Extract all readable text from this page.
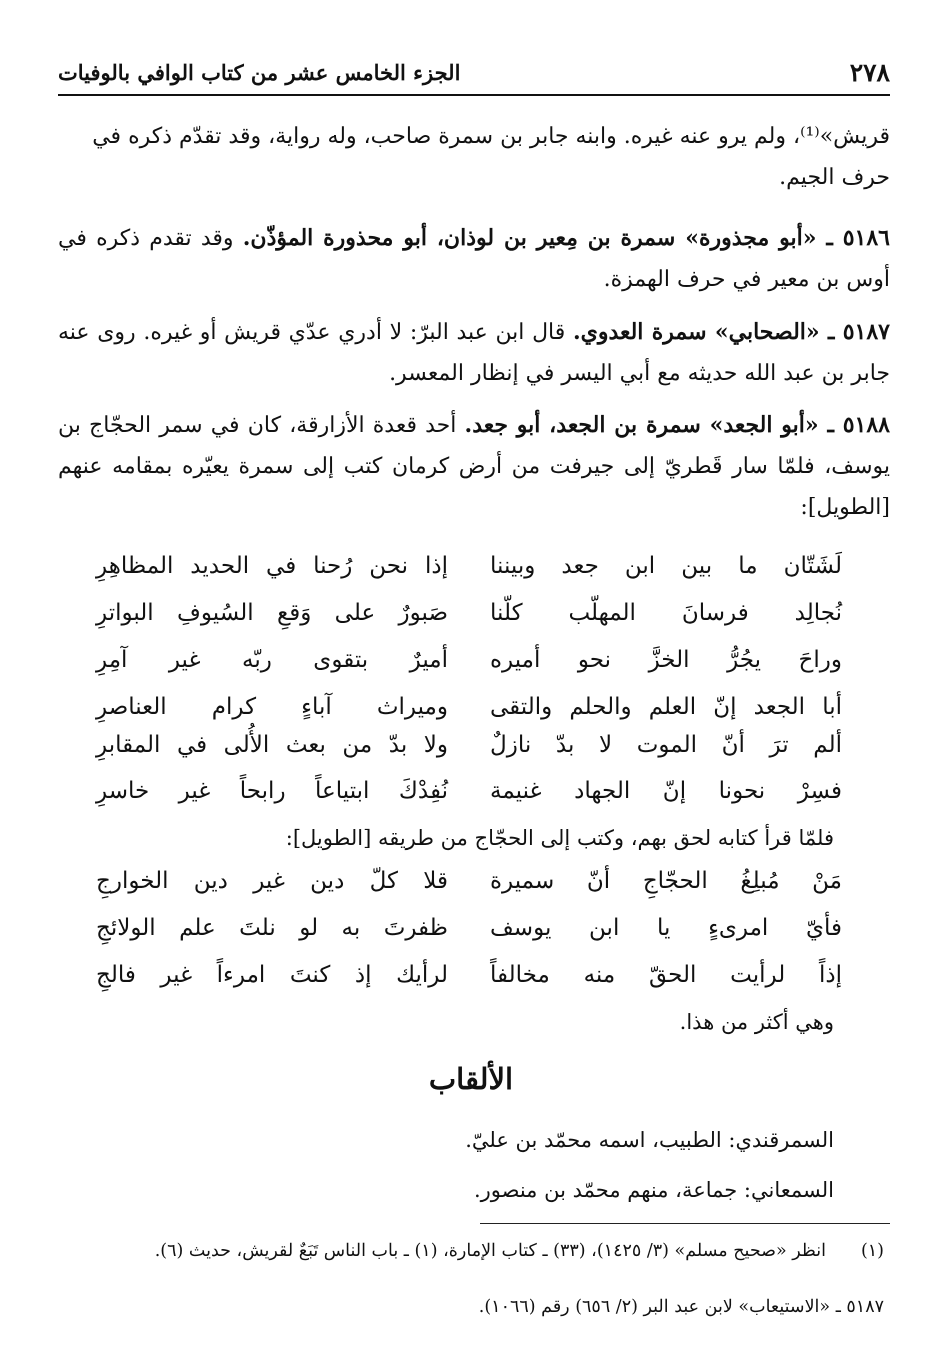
٢٧٨
الجزء الخامس عشر من كتاب الوافي بالوفيات
قريش»⁽¹⁾، ولم يرو عنه غيره. وابنه جابر بن سمرة صاحب، وله رواية، وقد تقدّم ذكره في
حرف الجيم.
٥١٨٦ ـ «أبو مجذورة» سمرة بن مِعير بن لوذان، أبو محذورة المؤذّن. وقد تقدم ذكره في أوس بن معير في حرف الهمزة.
٥١٨٧ ـ «الصحابي» سمرة العدوي. قال ابن عبد البرّ: لا أدري عدّي قريش أو غيره. روى عنه جابر بن عبد الله حديثه مع أبي اليسر في إنظار المعسر.
٥١٨٨ ـ «أبو الجعد» سمرة بن الجعد، أبو جعد. أحد قعدة الأزارقة، كان في سمر الحجّاج بن يوسف، فلمّا سار قَطريّ إلى جيرفت من أرض كرمان كتب إلى سمرة يعيّره بمقامه عنهم [الطويل]:
لَشَتّان ما بين ابن جعد وبيننا
إذا نحن رُحنا في الحديد المظاهِرِ
نُجالِد فرسانَ المهلّب كلّنا
صَبورٌ على وَقعِ السُيوفِ البواترِ
وراحَ يجُرُّ الخزَّ نحو أميره
أميرٌ بتقوى ربّه غير آمِرِ
أبا الجعد إنّ العلم والحلم والتقى
وميراث آباءٍ كرام العناصرِ
ألم ترَ أنّ الموت لا بدّ نازلٌ
ولا بدّ من بعث الأُلى في المقابرِ
فسِرْ نحونا إنّ الجهاد غنيمة
نُفِدْكَ ابتياعاً رابحاً غير خاسرِ
فلمّا قرأ كتابه لحق بهم، وكتب إلى الحجّاج من طريقه [الطويل]:
مَنْ مُبلِغُ الحجّاجِ أنّ سميرة
قلا كلّ دين غير دين الخوارجِ
فأيّ امرىءٍ يا ابن يوسف
ظفرتَ به لو نلتَ علم الولائجِ
إذاً لرأيت الحقّ منه مخالفاً
لرأيك إذ كنتَ امرءاً غير فالجِ
وهي أكثر من هذا.
الألقاب
السمرقندي: الطبيب، اسمه محمّد بن عليّ.
السمعاني: جماعة، منهم محمّد بن منصور.
(١)انظر «صحيح مسلم» (٣/ ١٤٢٥)، (٣٣) ـ كتاب الإمارة، (١) ـ باب الناس تَبَعٌ لقريش، حديث (٦).
٥١٨٧ ـ «الاستيعاب» لابن عبد البر (٢/ ٦٥٦) رقم (١٠٦٦).
